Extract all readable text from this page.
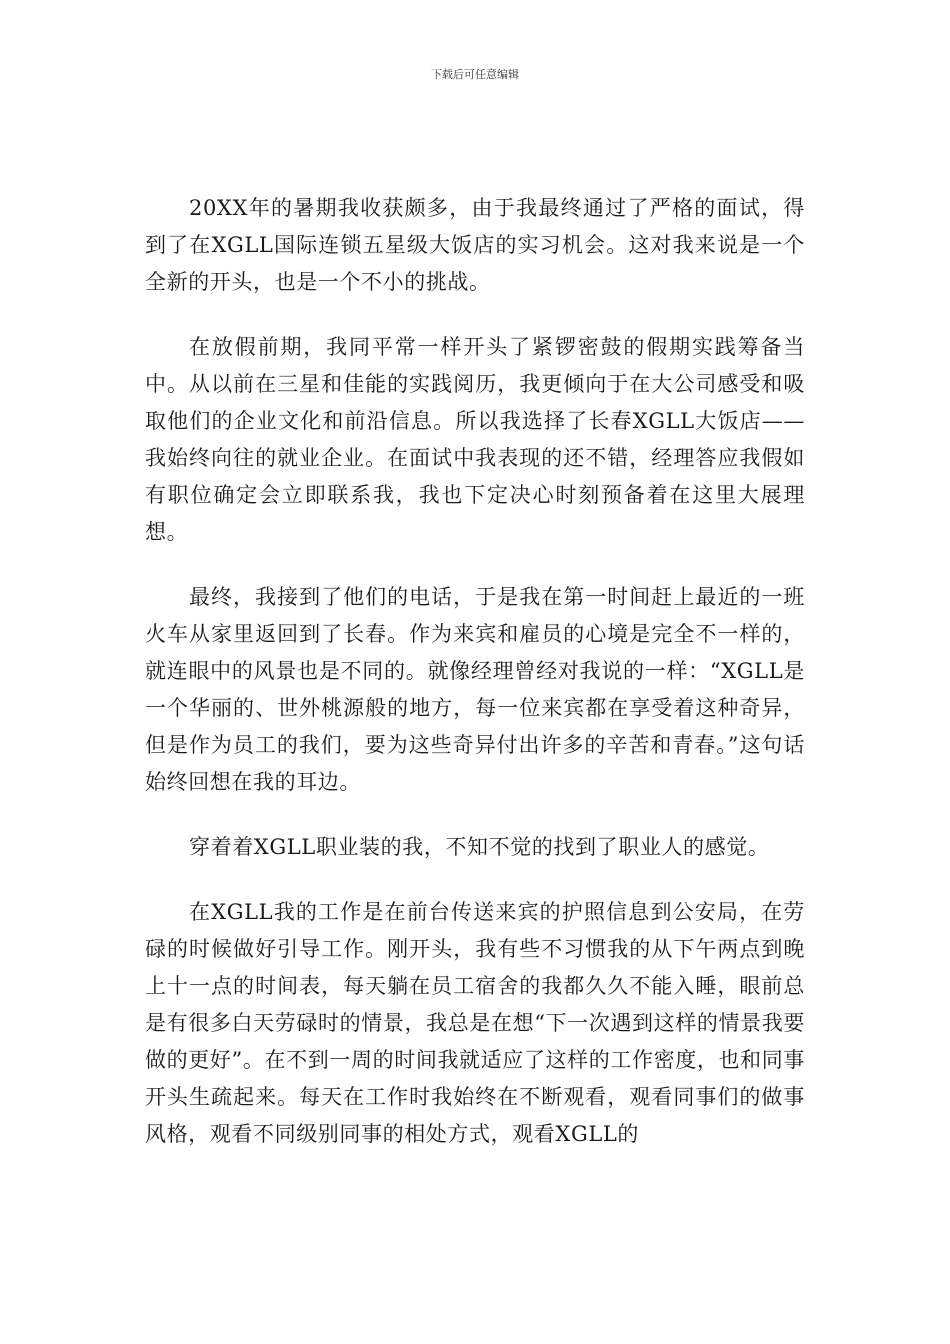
下载后可任意编辑

20XX年的暑期我收获颇多，由于我最终通过了严格的面试，得到了在XGLL国际连锁五星级大饭店的实习机会。这对我来说是一个全新的开头，也是一个不小的挑战。

在放假前期，我同平常一样开头了紧锣密鼓的假期实践筹备当中。从以前在三星和佳能的实践阅历，我更倾向于在大公司感受和吸取他们的企业文化和前沿信息。所以我选择了长春XGLL大饭店——我始终向往的就业企业。在面试中我表现的还不错，经理答应我假如有职位确定会立即联系我，我也下定决心时刻预备着在这里大展理想。

最终，我接到了他们的电话，于是我在第一时间赶上最近的一班火车从家里返回到了长春。作为来宾和雇员的心境是完全不一样的，就连眼中的风景也是不同的。就像经理曾经对我说的一样：“XGLL是一个华丽的、世外桃源般的地方，每一位来宾都在享受着这种奇异，但是作为员工的我们，要为这些奇异付出许多的辛苦和青春。”这句话始终回想在我的耳边。

穿着着XGLL职业装的我，不知不觉的找到了职业人的感觉。

在XGLL我的工作是在前台传送来宾的护照信息到公安局，在劳碌的时候做好引导工作。刚开头，我有些不习惯我的从下午两点到晚上十一点的时间表，每天躺在员工宿舍的我都久久不能入睡，眼前总是有很多白天劳碌时的情景，我总是在想“下一次遇到这样的情景我要做的更好”。在不到一周的时间我就适应了这样的工作密度，也和同事开头生疏起来。每天在工作时我始终在不断观看，观看同事们的做事风格，观看不同级别同事的相处方式，观看XGLL的
